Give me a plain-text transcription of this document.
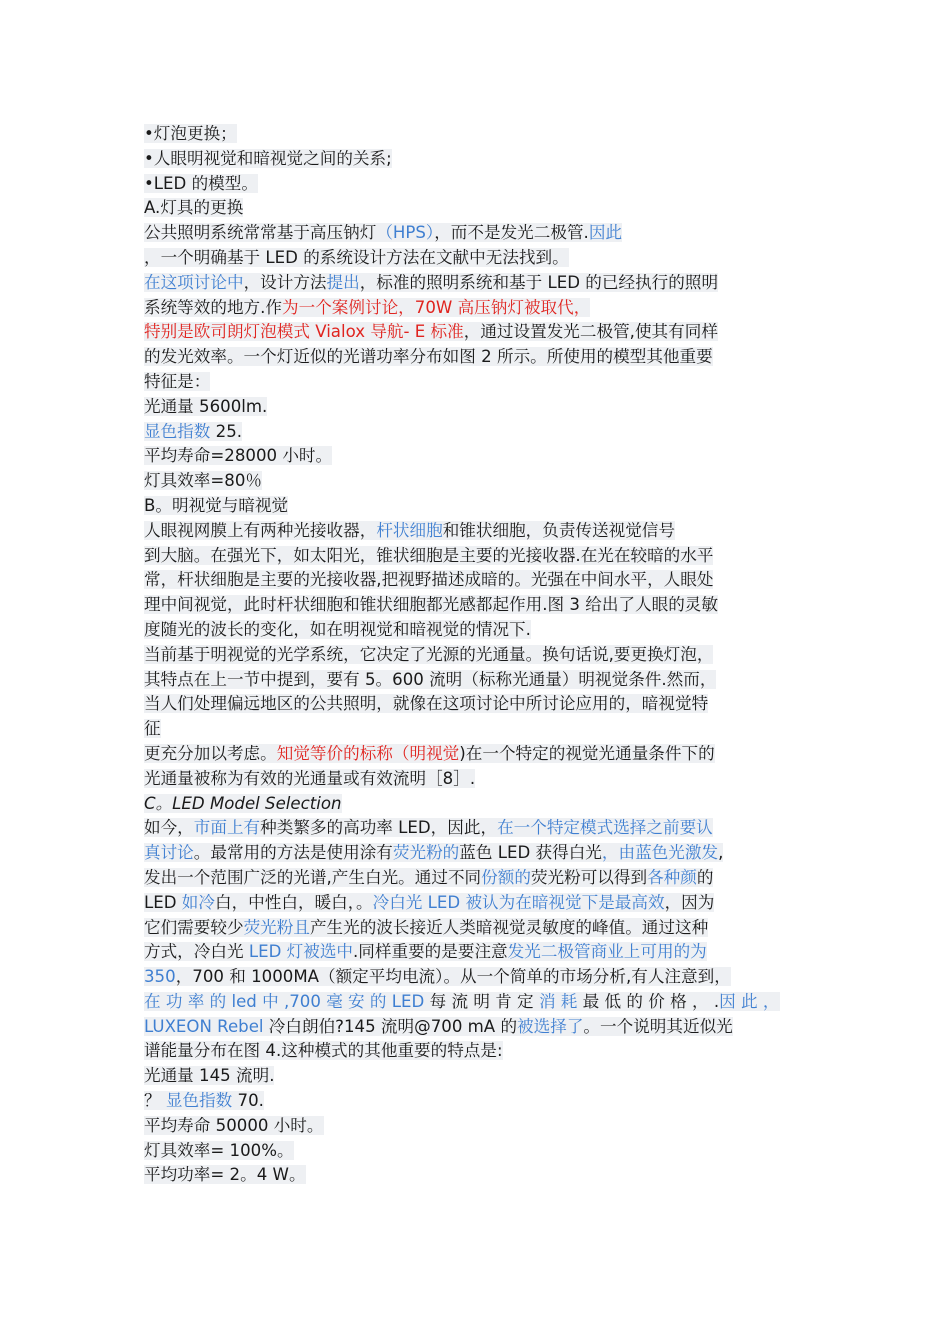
•灯泡更换；
•人眼明视觉和暗视觉之间的关系;
•LED 的模型。
A.灯具的更换
公共照明系统常常基于高压钠灯（HPS），而不是发光二极管.因此
，一个明确基于 LED 的系统设计方法在文献中无法找到。
在这项讨论中，设计方法提出，标准的照明系统和基于 LED 的已经执行的照明
系统等效的地方.作为一个案例讨论，70W 高压钠灯被取代，
特别是欧司朗灯泡模式 Vialox 导航- E 标准，通过设置发光二极管,使其有同样
的发光效率。一个灯近似的光谱功率分布如图 2 所示。所使用的模型其他重要
特征是：
光通量 5600lm.
显色指数 25.
平均寿命=28000 小时。
灯具效率=80％
B。明视觉与暗视觉
人眼视网膜上有两种光接收器，杆状细胞和锥状细胞，负责传送视觉信号
到大脑。在强光下，如太阳光，锥状细胞是主要的光接收器.在光在较暗的水平
常，杆状细胞是主要的光接收器,把视野描述成暗的。光强在中间水平，人眼处
理中间视觉，此时杆状细胞和锥状细胞都光感都起作用.图 3 给出了人眼的灵敏
度随光的波长的变化，如在明视觉和暗视觉的情况下.
当前基于明视觉的光学系统，它决定了光源的光通量。换句话说,要更换灯泡，
其特点在上一节中提到，要有 5。600 流明（标称光通量）明视觉条件.然而，
当人们处理偏远地区的公共照明，就像在这项讨论中所讨论应用的，暗视觉特
征
更充分加以考虑。知觉等价的标称（明视觉)在一个特定的视觉光通量条件下的
光通量被称为有效的光通量或有效流明［8］.
C。LED Model Selection
如今，市面上有种类繁多的高功率 LED，因此，在一个特定模式选择之前要认
真讨论。最常用的方法是使用涂有荧光粉的蓝色 LED 获得白光，由蓝色光激发,
发出一个范围广泛的光谱,产生白光。通过不同份额的荧光粉可以得到各种颜的
LED 如冷白，中性白，暖白，。冷白光 LED 被认为在暗视觉下是最高效，因为
它们需要较少荧光粉且产生光的波长接近人类暗视觉灵敏度的峰值。通过这种
方式，冷白光 LED 灯被选中.同样重要的是要注意发光二极管商业上可用的为
350，700 和 1000MA（额定平均电流）。从一个简单的市场分析,有人注意到，
在 功 率 的 led 中 ,700 毫 安 的 LED 每 流 明 肯 定 消 耗 最 低 的 价 格 ， .因 此 ，
LUXEON Rebel 冷白朗伯?145 流明@700 mA 的被选择了。一个说明其近似光
谱能量分布在图 4.这种模式的其他重要的特点是:
光通量 145 流明.
？ 显色指数 70.
平均寿命 50000 小时。
灯具效率= 100%。
平均功率= 2。4 W。
